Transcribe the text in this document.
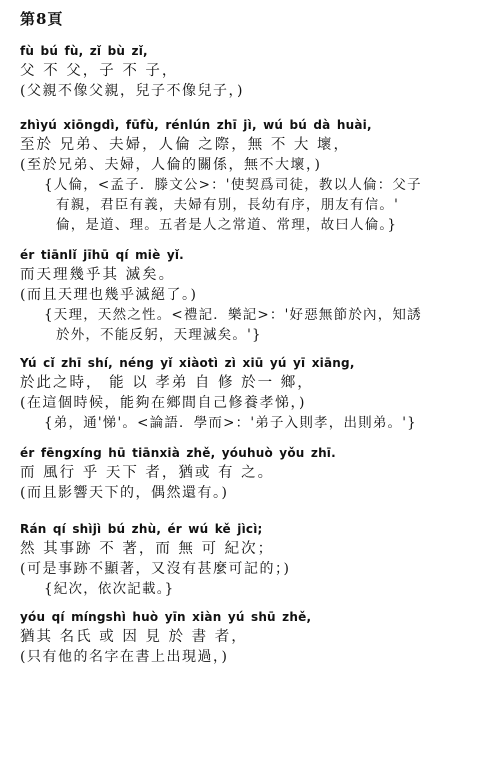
第8頁
fù bú fù, zǐ bù zǐ,
父 不 父，子 不 子，
(父親不像父親，兒子不像兒子，)
zhìyú xiōngdì, fūfù, rénlún zhī jì, wú bú dà huài,
至於 兄弟、夫婦，人倫 之際，無 不 大 壞，
(至於兄弟、夫婦，人倫的關係，無不大壞，)
{人倫，<孟子．滕文公>：'使契爲司徒，教以人倫：父子
有親，君臣有義，夫婦有別，長幼有序，朋友有信。'
倫，是道、理。五者是人之常道、常理，故曰人倫。}
ér tiānlǐ jīhū qí miè yǐ.
而天理幾乎其 滅矣。
(而且天理也幾乎滅絕了。)
{天理，天然之性。<禮記．樂記>：'好惡無節於內，知誘
於外，不能反躬，天理滅矣。'}
Yú cǐ zhī shí, néng yǐ xiàotì zì xiū yú yī xiāng,
於此之時， 能 以 孝弟 自 修 於一 鄉，
(在這個時候，能夠在鄉間自己修養孝悌，)
{弟，通'悌'。<論語．學而>：'弟子入則孝，出則弟。'}
ér fēngxíng hū tiānxià zhě, yóuhuò yǒu zhī.
而 風行 乎 天下 者，猶或 有 之。
(而且影響天下的，偶然還有。)
Rán qí shìjì bú zhù, ér wú kě jìcì;
然 其事跡 不 著，而 無 可 紀次；
(可是事跡不顯著，又沒有甚麼可記的；)
{紀次，依次記載。}
yóu qí míngshì huò yīn xiàn yú shū zhě,
猶其 名氏 或 因 見 於 書 者，
(只有他的名字在書上出現過，)
